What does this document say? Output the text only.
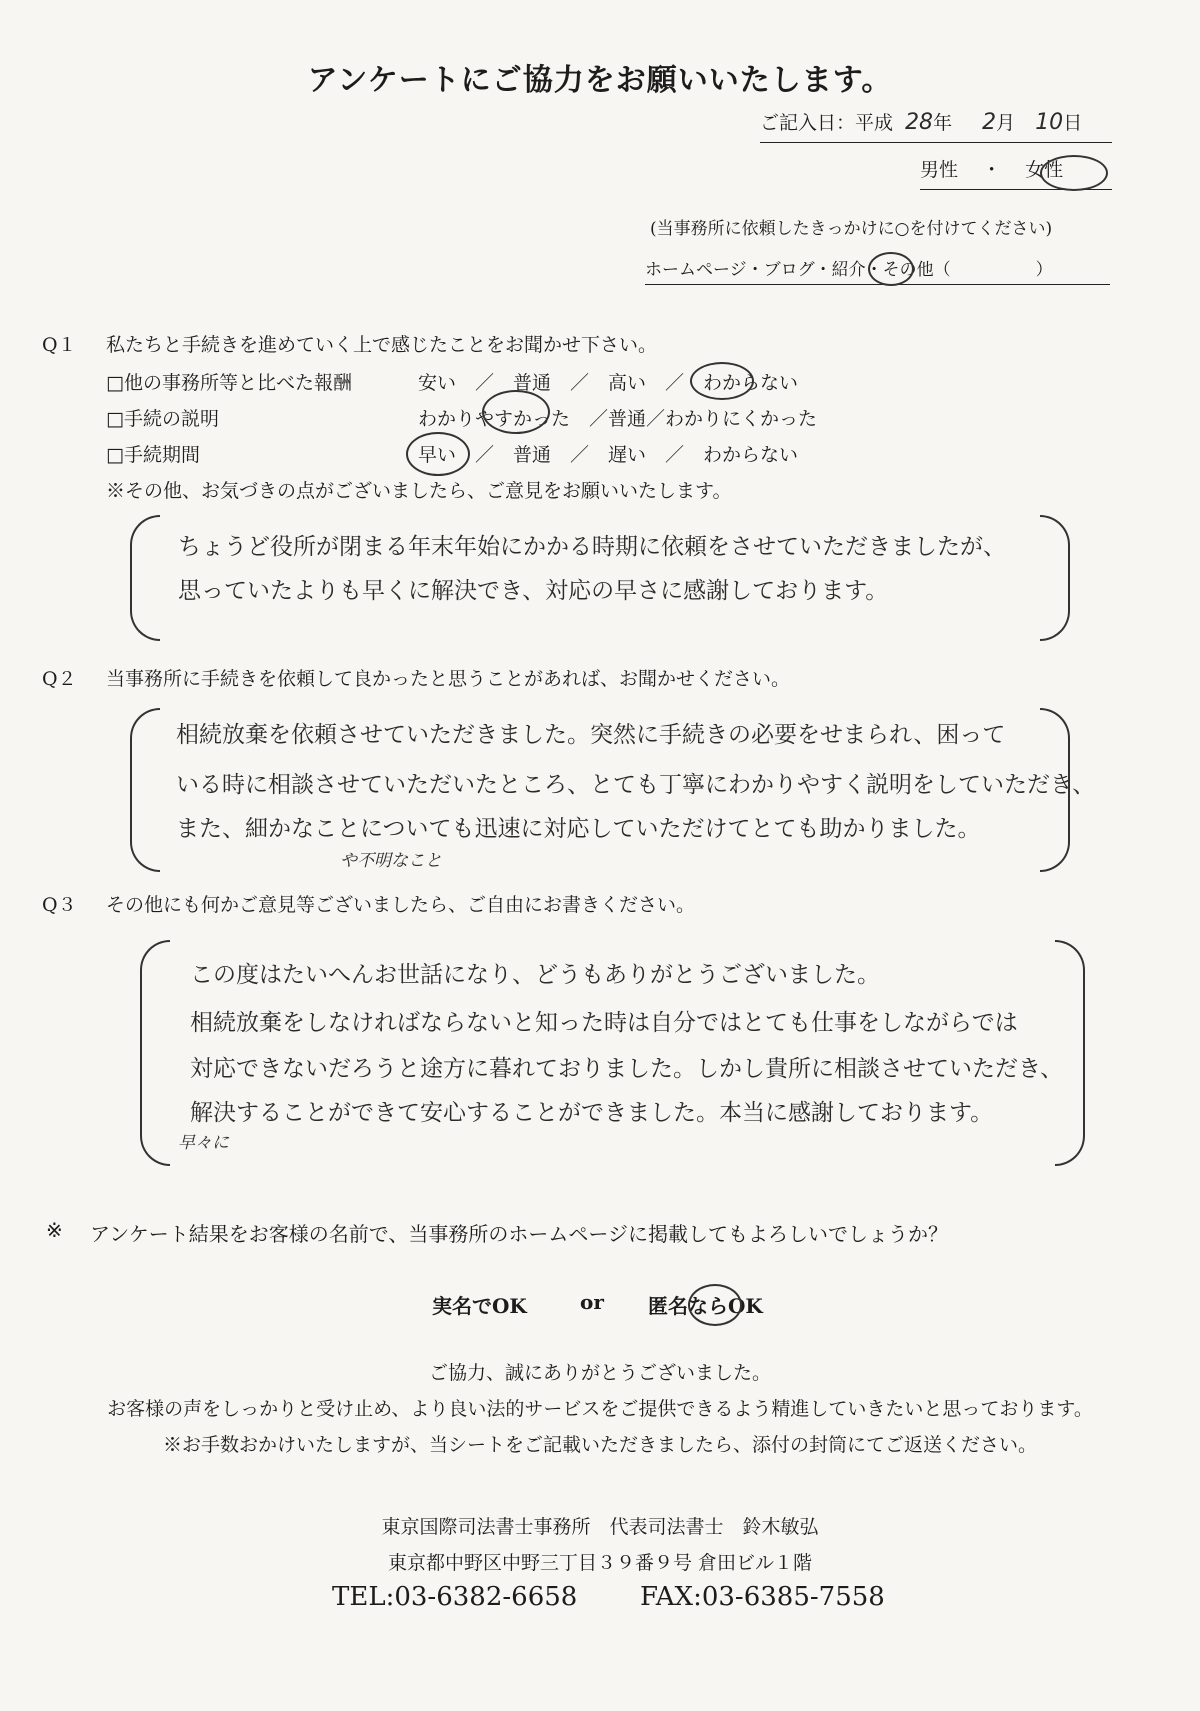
アンケートにご協力をお願いいたします。
ご記入日：平成 28年 2月 10日
男性 ・ 女性
(当事務所に依頼したきっかけに○を付けてください)
ホームページ・ブログ・紹介・その他（　　　　　）
Q１ 私たちと手続きを進めていく上で感じたことをお聞かせ下さい。
□他の事務所等と比べた報酬	安い　／　普通　／　高い　／　わからない
□手続の説明	わかりやすかった　／普通／わかりにくかった
□手続期間	早い　／　普通　／　遅い　／　わからない
※その他、お気づきの点がございましたら、ご意見をお願いいたします。
ちょうど役所が閉まる年末年始にかかる時期に依頼をさせていただきましたが、
思っていたよりも早くに解決でき、対応の早さに感謝しております。
Q２ 当事務所に手続きを依頼して良かったと思うことがあれば、お聞かせください。
相続放棄を依頼させていただきました。突然に手続きの必要をせまられ、困って
いる時に相談させていただいたところ、とても丁寧にわかりやすく説明をしていただき、
また、細かなことについても迅速に対応していただけてとても助かりました。
や不明なこと
Q３ その他にも何かご意見等ございましたら、ご自由にお書きください。
この度はたいへんお世話になり、どうもありがとうございました。
相続放棄をしなければならないと知った時は自分ではとても仕事をしながらでは
対応できないだろうと途方に暮れておりました。しかし貴所に相談させていただき、
解決することができて安心することができました。本当に感謝しております。
早々に
※ アンケート結果をお客様の名前で、当事務所のホームページに掲載してもよろしいでしょうか？
実名でOK	or 匿名ならOK
ご協力、誠にありがとうございました。
お客様の声をしっかりと受け止め、より良い法的サービスをご提供できるよう精進していきたいと思っております。
※お手数おかけいたしますが、当シートをご記載いただきましたら、添付の封筒にてご返送ください。
東京国際司法書士事務所　代表司法書士　鈴木敏弘
東京都中野区中野三丁目３９番９号 倉田ビル１階
TEL:03-6382-6658 FAX:03-6385-7558
